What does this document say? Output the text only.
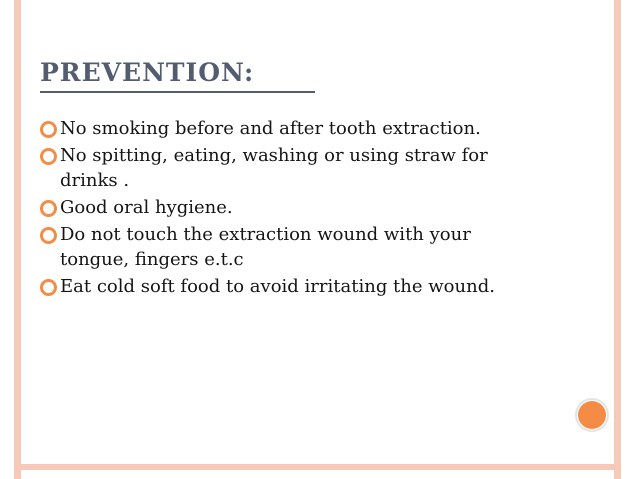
PREVENTION:
No smoking before and after tooth extraction.
No spitting, eating, washing or using straw for drinks .
Good oral hygiene.
Do not touch the extraction wound with your tongue, fingers e.t.c
Eat cold soft food to avoid irritating the wound.
